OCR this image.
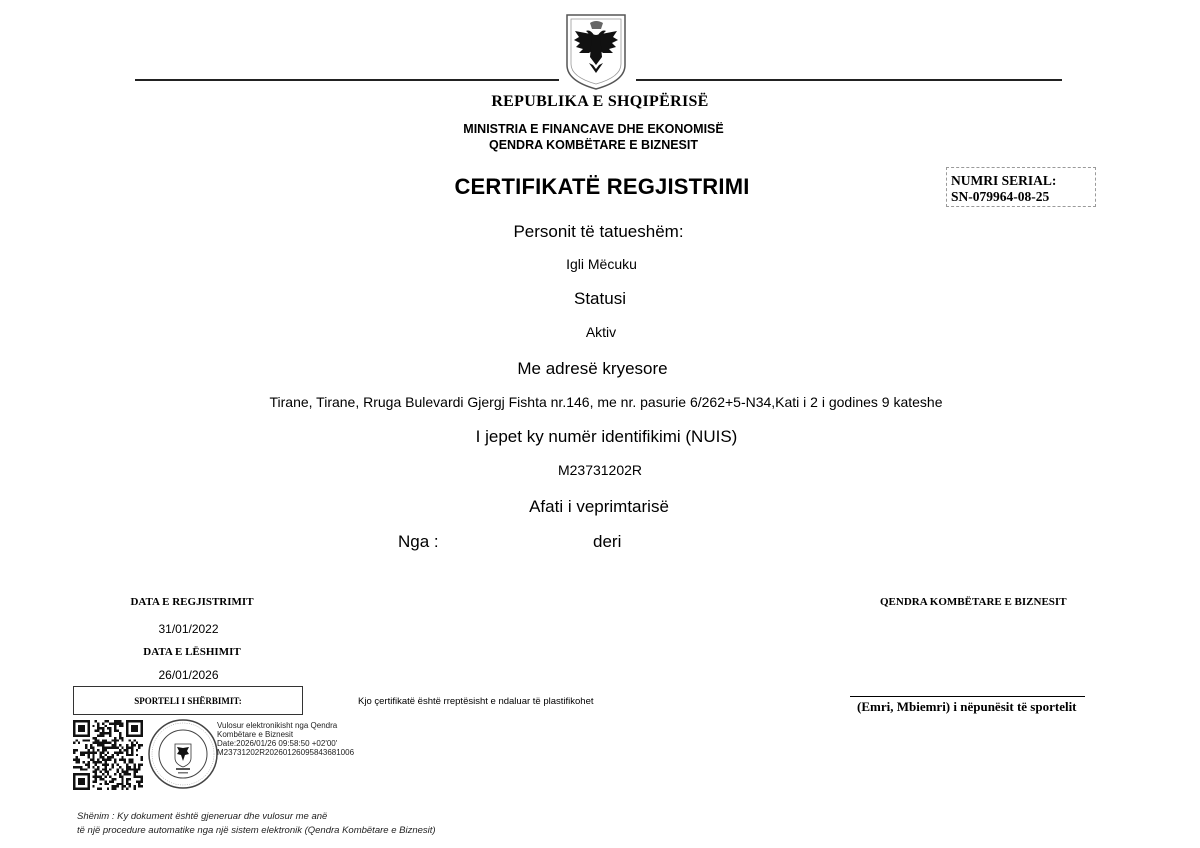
REPUBLIKA E SHQIPËRISË
MINISTRIA E FINANCAVE DHE EKONOMISË
QENDRA KOMBËTARE E BIZNESIT
CERTIFIKATË REGJISTRIMI	NUMRI SERIAL:
SN-079964-08-25
Personit të tatueshëm:
Igli Mëcuku
Statusi
Aktiv
Me adresë kryesore
Tirane, Tirane, Rruga Bulevardi Gjergj Fishta nr.146, me nr. pasurie 6/262+5-N34,Kati i 2 i godines 9 kateshe
I jepet ky numër identifikimi (NUIS)
M23731202R
Afati i veprimtarisë
Nga :	deri
DATA E REGJISTRIMIT
31/01/2022
DATA E LËSHIMIT
26/01/2026
SPORTELI I SHËRBIMIT:	Kjo çertifikatë është rreptësisht e ndaluar të plastifikohet
QENDRA KOMBËTARE E BIZNESIT
(Emri, Mbiemri) i nëpunësit të sportelit
Vulosur elektronikisht nga Qendra
Kombëtare e Biznesit
Date:2026/01/26 09:58:50 +02'00'
M23731202R20260126095843681006
Shënim : Ky dokument është gjeneruar dhe vulosur me anë
të një procedure automatike nga një sistem elektronik (Qendra Kombëtare e Biznesit)
